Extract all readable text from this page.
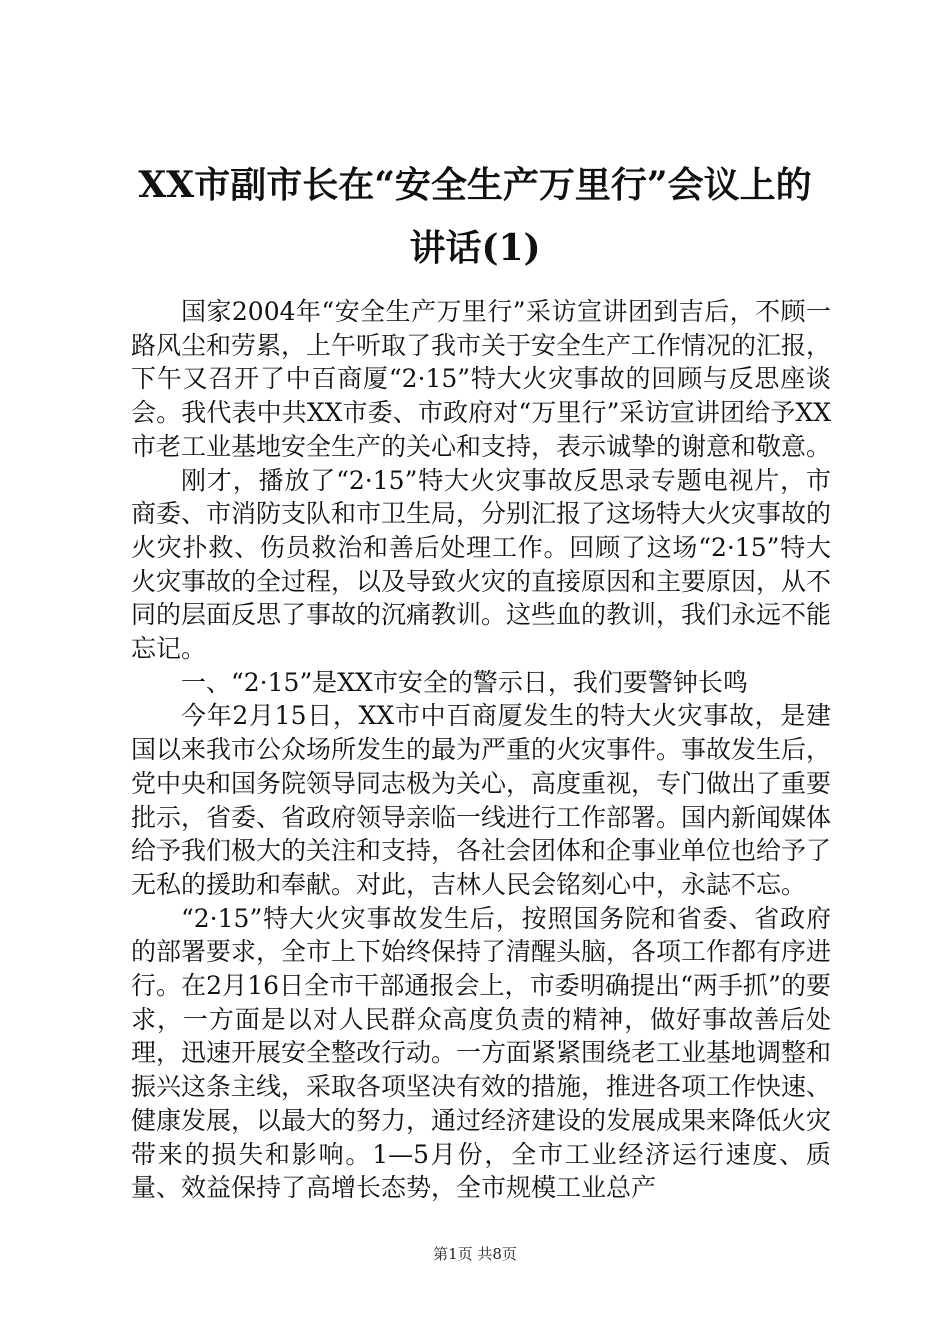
XX市副市长在“安全生产万里行”会议上的
讲话(1)

国家2004年“安全生产万里行”采访宣讲团到吉后，不顾一路风尘和劳累，上午听取了我市关于安全生产工作情况的汇报，下午又召开了中百商厦“2·15”特大火灾事故的回顾与反思座谈会。我代表中共XX市委、市政府对“万里行”采访宣讲团给予XX市老工业基地安全生产的关心和支持，表示诚挚的谢意和敬意。

刚才，播放了“2·15”特大火灾事故反思录专题电视片，市商委、市消防支队和市卫生局，分别汇报了这场特大火灾事故的火灾扑救、伤员救治和善后处理工作。回顾了这场“2·15”特大火灾事故的全过程，以及导致火灾的直接原因和主要原因，从不同的层面反思了事故的沉痛教训。这些血的教训，我们永远不能忘记。

一、“2·15”是XX市安全的警示日，我们要警钟长鸣

今年2月15日，XX市中百商厦发生的特大火灾事故，是建国以来我市公众场所发生的最为严重的火灾事件。事故发生后，党中央和国务院领导同志极为关心，高度重视，专门做出了重要批示，省委、省政府领导亲临一线进行工作部署。国内新闻媒体给予我们极大的关注和支持，各社会团体和企事业单位也给予了无私的援助和奉献。对此，吉林人民会铭刻心中，永誌不忘。

“2·15”特大火灾事故发生后，按照国务院和省委、省政府的部署要求，全市上下始终保持了清醒头脑，各项工作都有序进行。在2月16日全市干部通报会上，市委明确提出“两手抓”的要求，一方面是以对人民群众高度负责的精神，做好事故善后处理，迅速开展安全整改行动。一方面紧紧围绕老工业基地调整和振兴这条主线，采取各项坚决有效的措施，推进各项工作快速、健康发展，以最大的努力，通过经济建设的发展成果来降低火灾带来的损失和影响。1—5月份，全市工业经济运行速度、质量、效益保持了高增长态势，全市规模工业总产

第1页 共8页
